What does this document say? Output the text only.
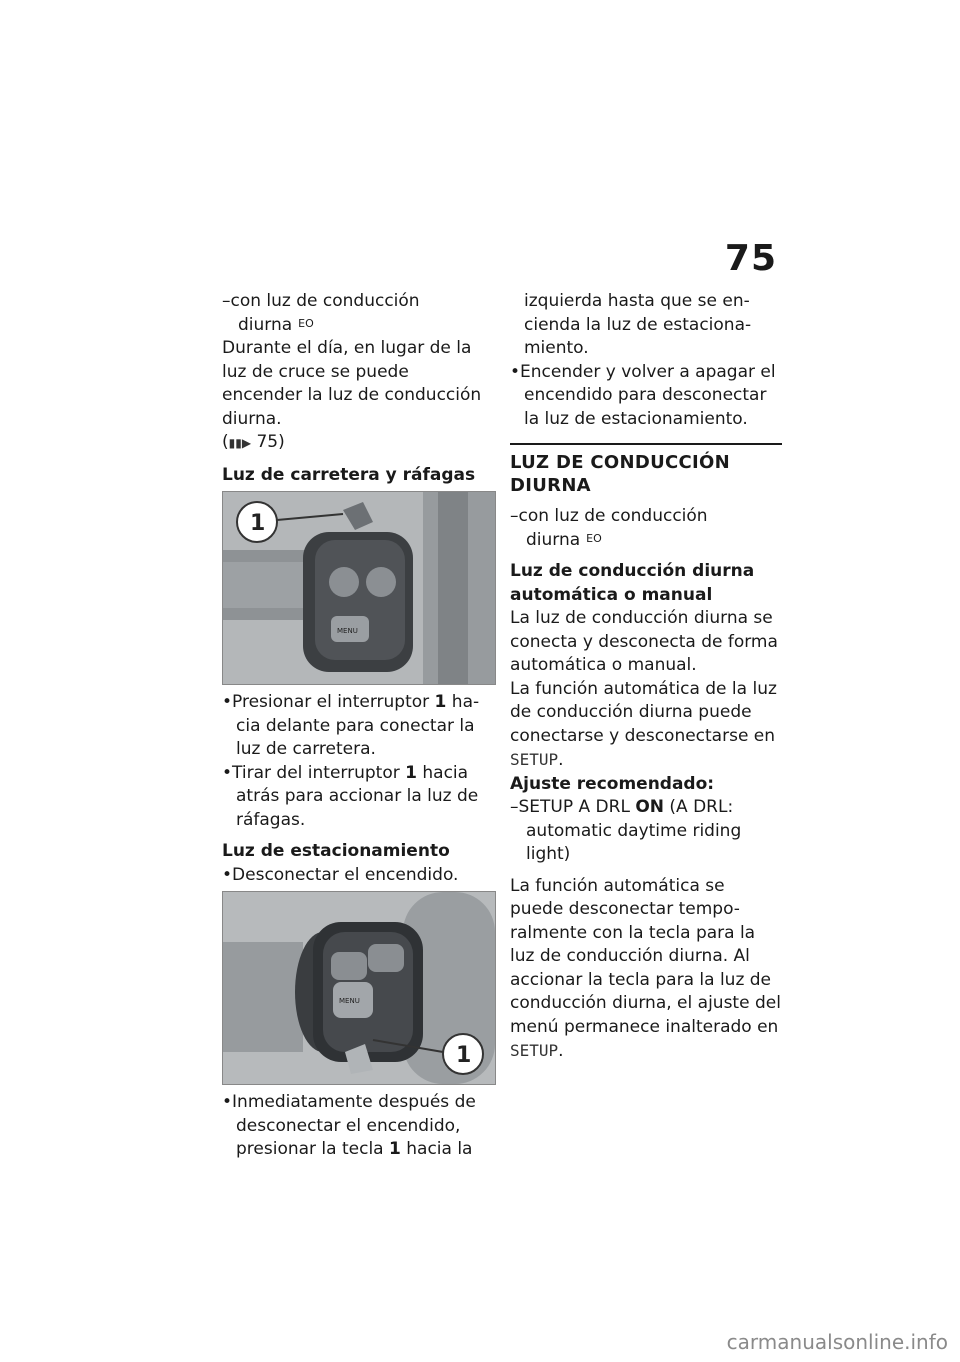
75

–con luz de conducción diurna $^{EO}$

Durante el día, en lugar de la luz de cruce se puede encender la luz de conducción diurna.

(▮▮▶ 75)

Luz de carretera y ráfagas

1
MENU

•Presionar el interruptor 1 ha- cia delante para conectar la luz de carretera.

•Tirar del interruptor 1 hacia atrás para accionar la luz de ráfagas.

Luz de estacionamiento

•Desconectar el encendido.

1
MENU

•Inmediatamente después de desconectar el encendido, presionar la tecla 1 hacia la

izquierda hasta que se en- cienda la luz de estaciona- miento.

•Encender y volver a apagar el encendido para desconectar la luz de estacionamiento.

LUZ DE CONDUCCIÓN DIURNA

–con luz de conducción diurna $^{EO}$

Luz de conducción diurna automática o manual

La luz de conducción diurna se conecta y desconecta de forma automática o manual.

La función automática de la luz de conducción diurna puede conectarse y desconectarse en SETUP.

Ajuste recomendado:

–SETUP A DRL ON (A DRL: automatic daytime riding light)

La función automática se puede desconectar tempo- ralmente con la tecla para la luz de conducción diurna. Al accionar la tecla para la luz de conducción diurna, el ajuste del menú permanece inalterado en SETUP.

carmanualsonline.info
